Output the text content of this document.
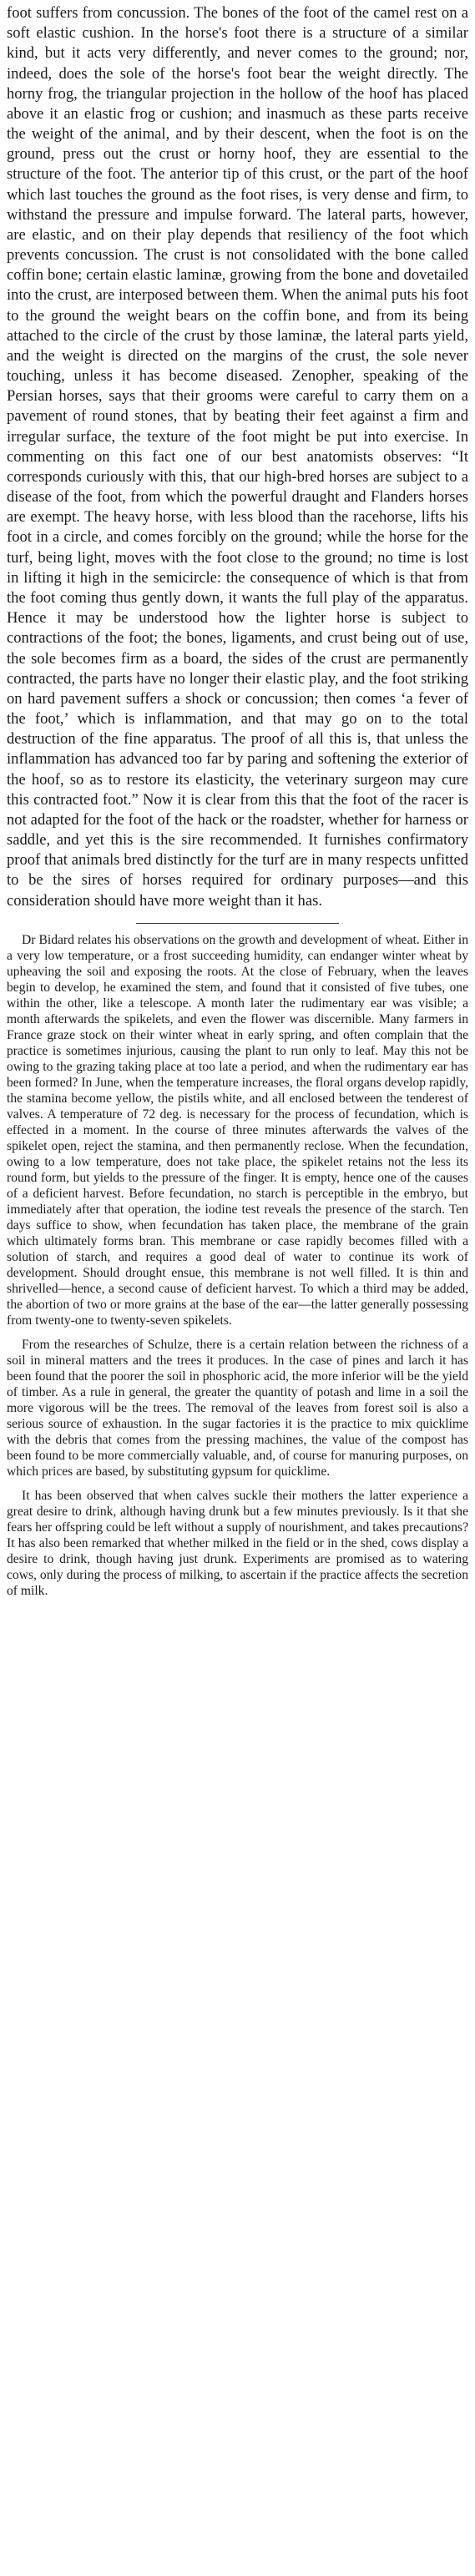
foot suffers from concussion. The bones of the foot of the camel rest on a soft elastic cushion. In the horse's foot there is a structure of a similar kind, but it acts very differently, and never comes to the ground; nor, indeed, does the sole of the horse's foot bear the weight directly. The horny frog, the triangular projection in the hollow of the hoof has placed above it an elastic frog or cushion; and inasmuch as these parts receive the weight of the animal, and by their descent, when the foot is on the ground, press out the crust or horny hoof, they are essential to the structure of the foot. The anterior tip of this crust, or the part of the hoof which last touches the ground as the foot rises, is very dense and firm, to withstand the pressure and impulse forward. The lateral parts, however, are elastic, and on their play depends that resiliency of the foot which prevents concussion. The crust is not consolidated with the bone called coffin bone; certain elastic laminæ, growing from the bone and dovetailed into the crust, are interposed between them. When the animal puts his foot to the ground the weight bears on the coffin bone, and from its being attached to the circle of the crust by those laminæ, the lateral parts yield, and the weight is directed on the margins of the crust, the sole never touching, unless it has become diseased. Zenopher, speaking of the Persian horses, says that their grooms were careful to carry them on a pavement of round stones, that by beating their feet against a firm and irregular surface, the texture of the foot might be put into exercise. In commenting on this fact one of our best anatomists observes: “It corresponds curiously with this, that our high-bred horses are subject to a disease of the foot, from which the powerful draught and Flanders horses are exempt. The heavy horse, with less blood than the racehorse, lifts his foot in a circle, and comes forcibly on the ground; while the horse for the turf, being light, moves with the foot close to the ground; no time is lost in lifting it high in the semicircle: the consequence of which is that from the foot coming thus gently down, it wants the full play of the apparatus. Hence it may be understood how the lighter horse is subject to contractions of the foot; the bones, ligaments, and crust being out of use, the sole becomes firm as a board, the sides of the crust are permanently contracted, the parts have no longer their elastic play, and the foot striking on hard pavement suffers a shock or concussion; then comes ‘a fever of the foot,’ which is inflammation, and that may go on to the total destruction of the fine apparatus. The proof of all this is, that unless the inflammation has advanced too far by paring and softening the exterior of the hoof, so as to restore its elasticity, the veterinary surgeon may cure this contracted foot.” Now it is clear from this that the foot of the racer is not adapted for the foot of the hack or the roadster, whether for harness or saddle, and yet this is the sire recommended. It furnishes confirmatory proof that animals bred distinctly for the turf are in many respects unfitted to be the sires of horses required for ordinary purposes—and this consideration should have more weight than it has.

Dr Bidard relates his observations on the growth and development of wheat. Either in a very low temperature, or a frost succeeding humidity, can endanger winter wheat by upheaving the soil and exposing the roots. At the close of February, when the leaves begin to develop, he examined the stem, and found that it consisted of five tubes, one within the other, like a telescope. A month later the rudimentary ear was visible; a month afterwards the spikelets, and even the flower was discernible. Many farmers in France graze stock on their winter wheat in early spring, and often complain that the practice is sometimes injurious, causing the plant to run only to leaf. May this not be owing to the grazing taking place at too late a period, and when the rudimentary ear has been formed? In June, when the temperature increases, the floral organs develop rapidly, the stamina become yellow, the pistils white, and all enclosed between the tenderest of valves. A temperature of 72 deg. is necessary for the process of fecundation, which is effected in a moment. In the course of three minutes afterwards the valves of the spikelet open, reject the stamina, and then permanently reclose. When the fecundation, owing to a low temperature, does not take place, the spikelet retains not the less its round form, but yields to the pressure of the finger. It is empty, hence one of the causes of a deficient harvest. Before fecundation, no starch is perceptible in the embryo, but immediately after that operation, the iodine test reveals the presence of the starch. Ten days suffice to show, when fecundation has taken place, the membrane of the grain which ultimately forms bran. This membrane or case rapidly becomes filled with a solution of starch, and requires a good deal of water to continue its work of development. Should drought ensue, this membrane is not well filled. It is thin and shrivelled—hence, a second cause of deficient harvest. To which a third may be added, the abortion of two or more grains at the base of the ear—the latter generally possessing from twenty-one to twenty-seven spikelets.

From the researches of Schulze, there is a certain relation between the richness of a soil in mineral matters and the trees it produces. In the case of pines and larch it has been found that the poorer the soil in phosphoric acid, the more inferior will be the yield of timber. As a rule in general, the greater the quantity of potash and lime in a soil the more vigorous will be the trees. The removal of the leaves from forest soil is also a serious source of exhaustion. In the sugar factories it is the practice to mix quicklime with the debris that comes from the pressing machines, the value of the compost has been found to be more commercially valuable, and, of course for manuring purposes, on which prices are based, by substituting gypsum for quicklime.

It has been observed that when calves suckle their mothers the latter experience a great desire to drink, although having drunk but a few minutes previously. Is it that she fears her offspring could be left without a supply of nourishment, and takes precautions? It has also been remarked that whether milked in the field or in the shed, cows display a desire to drink, though having just drunk. Experiments are promised as to watering cows, only during the process of milking, to ascertain if the practice affects the secretion of milk.
